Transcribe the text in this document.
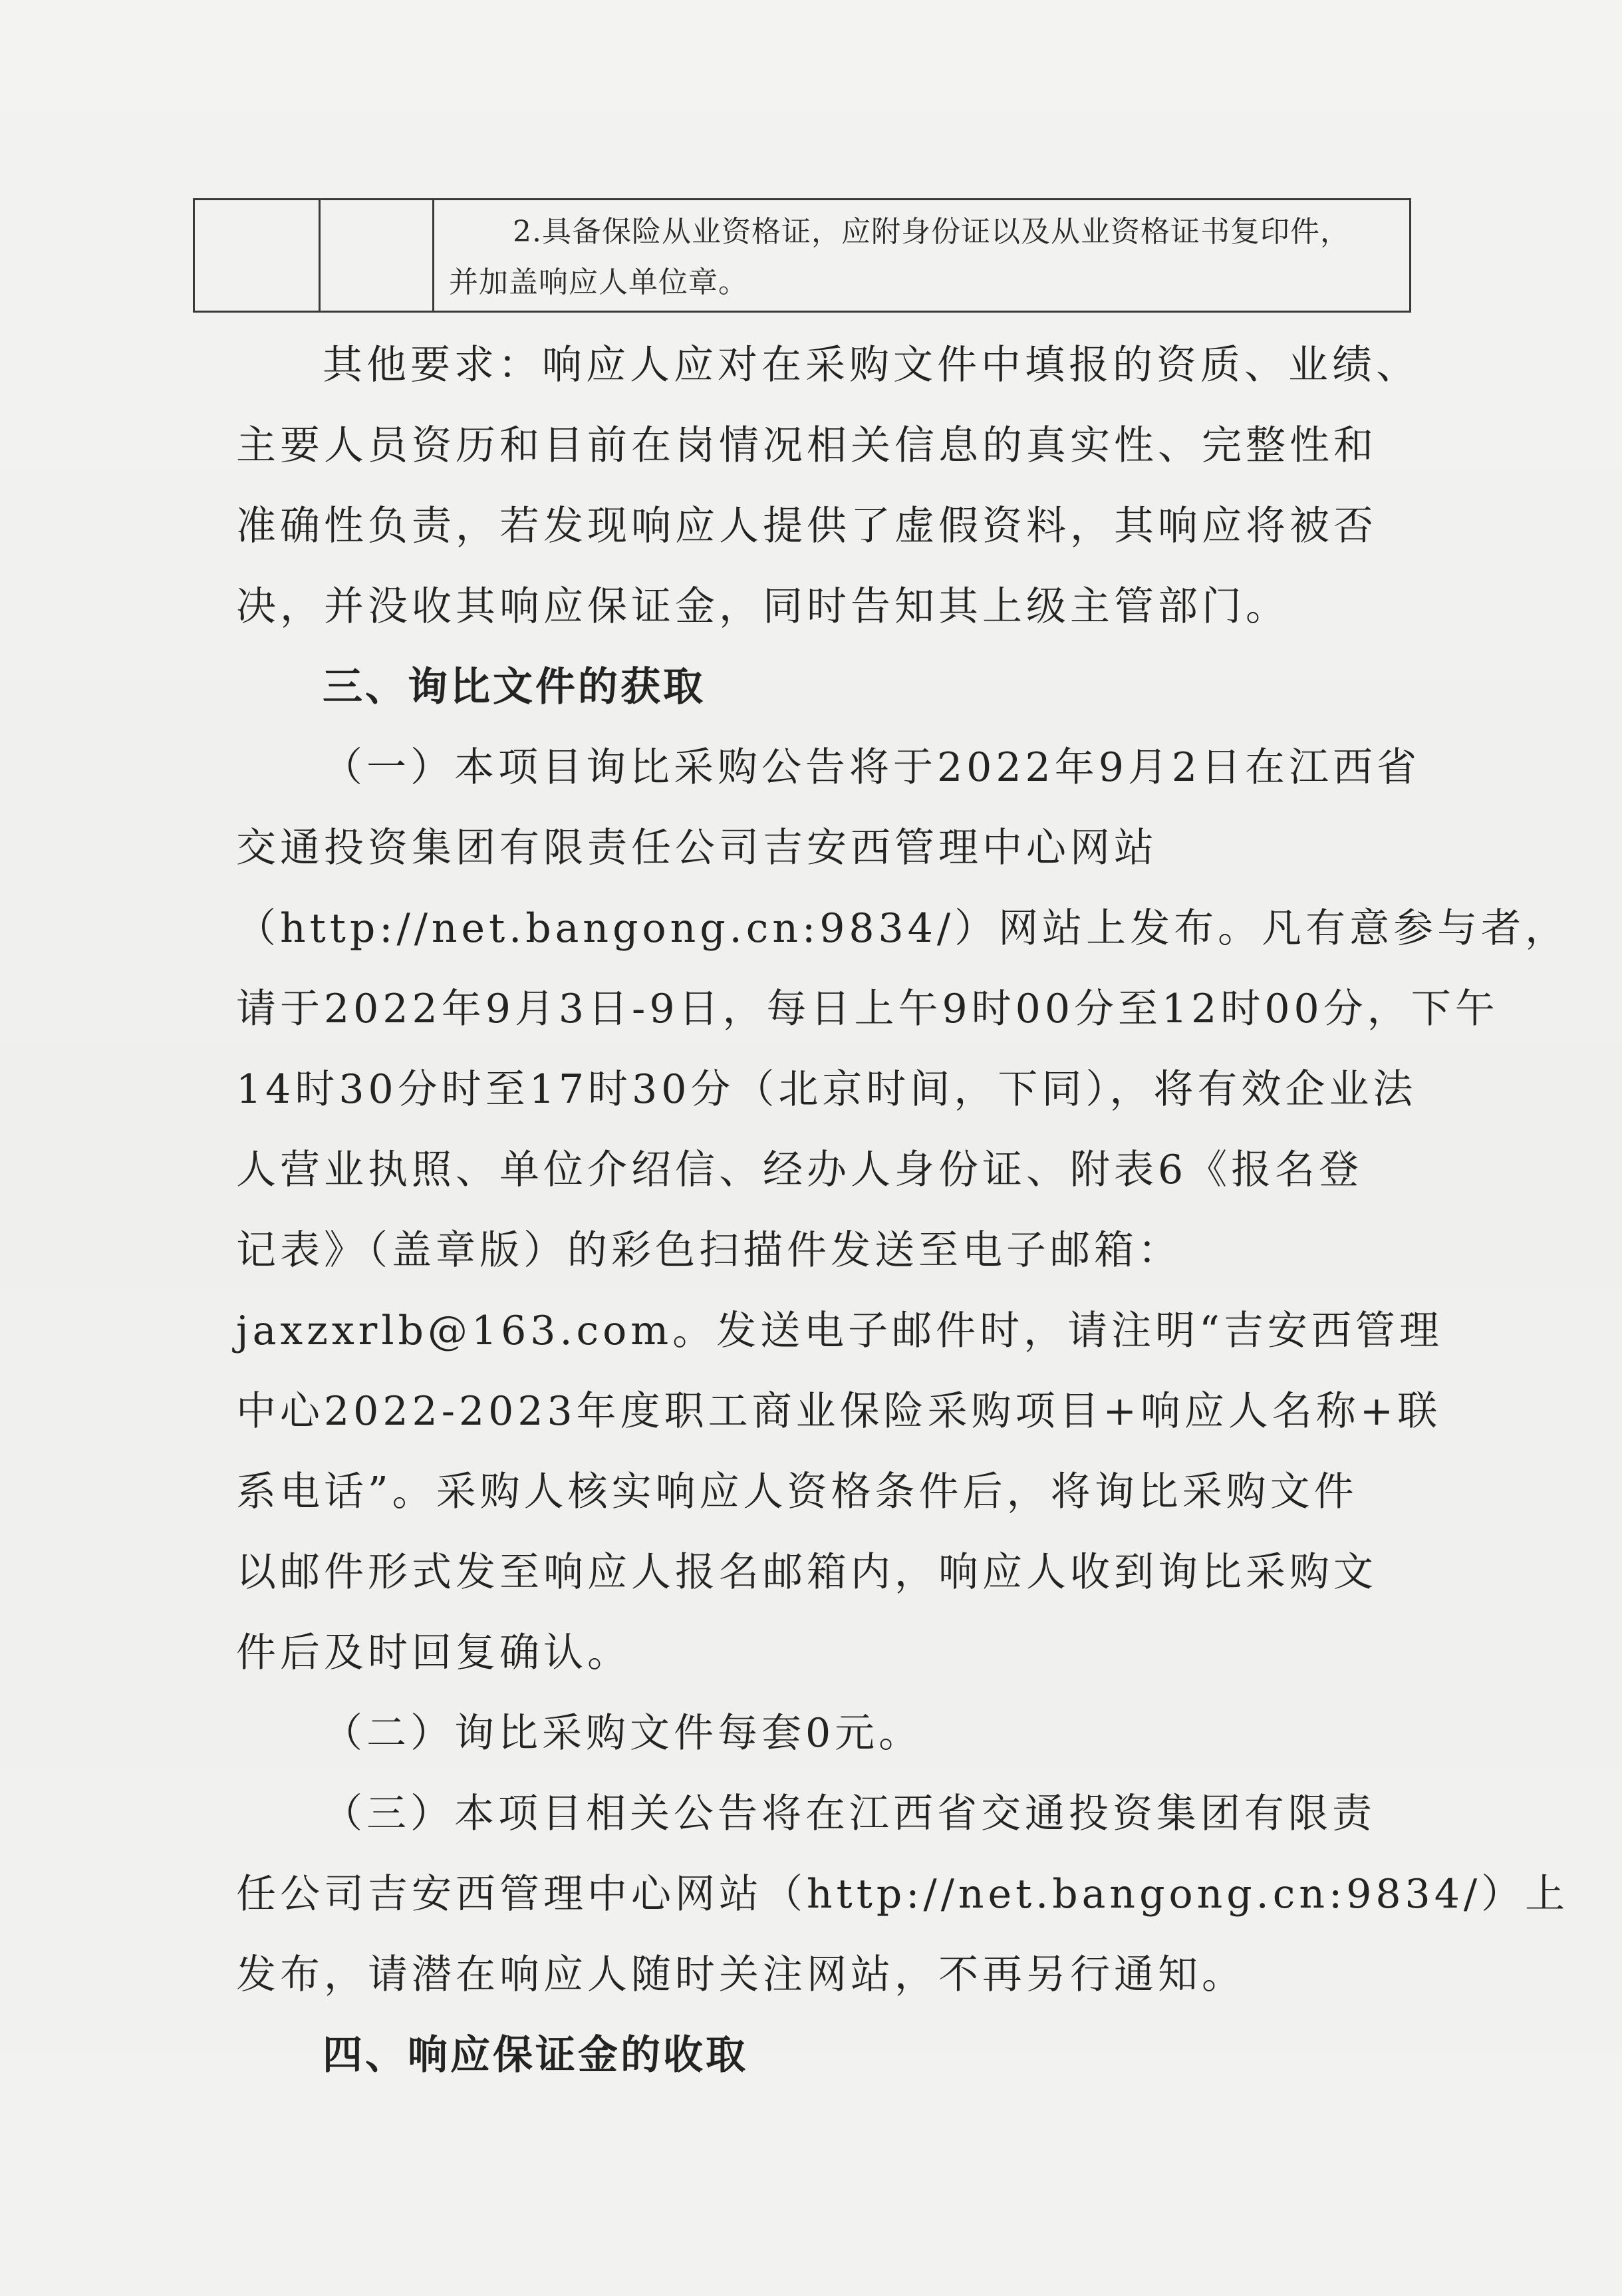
2.具备保险从业资格证，应附身份证以及从业资格证书复印件，
并加盖响应人单位章。
其他要求：响应人应对在采购文件中填报的资质、业绩、
主要人员资历和目前在岗情况相关信息的真实性、完整性和
准确性负责，若发现响应人提供了虚假资料，其响应将被否
决，并没收其响应保证金，同时告知其上级主管部门。
三、询比文件的获取
（一）本项目询比采购公告将于2022年9月2日在江西省
交通投资集团有限责任公司吉安西管理中心网站
（http://net.bangong.cn:9834/）网站上发布。凡有意参与者，
请于2022年9月3日-9日，每日上午9时00分至12时00分，下午
14时30分时至17时30分（北京时间，下同），将有效企业法
人营业执照、单位介绍信、经办人身份证、附表6《报名登
记表》（盖章版）的彩色扫描件发送至电子邮箱：
jaxzxrlb@163.com。发送电子邮件时，请注明“吉安西管理
中心2022-2023年度职工商业保险采购项目+响应人名称+联
系电话”。采购人核实响应人资格条件后，将询比采购文件
以邮件形式发至响应人报名邮箱内，响应人收到询比采购文
件后及时回复确认。
（二）询比采购文件每套0元。
（三）本项目相关公告将在江西省交通投资集团有限责
任公司吉安西管理中心网站（http://net.bangong.cn:9834/）上
发布，请潜在响应人随时关注网站，不再另行通知。
四、响应保证金的收取
